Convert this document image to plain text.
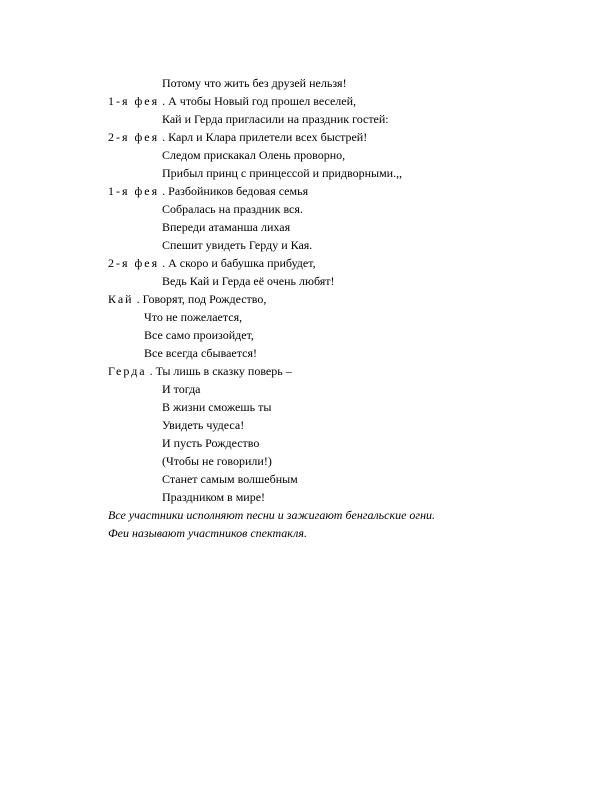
Потому что жить без друзей нельзя!
1-я фея . А чтобы Новый год прошел веселей,
Кай и Герда пригласили на праздник гостей:
2-я фея . Карл и Клара прилетели всех быстрей!
Следом прискакал Олень проворно,
Прибыл принц с принцессой и придворными.,,
1-я фея . Разбойников бедовая семья
Собралась на праздник вся.
Впереди атаманша лихая
Спешит увидеть Герду и Кая.
2-я фея . А скоро и бабушка прибудет,
Ведь Кай и Герда её очень любят!
Кай . Говорят, под Рождество,
Что не пожелается,
Все само произойдет,
Все всегда сбывается!
Герда . Ты лишь в сказку поверь –
И тогда
В жизни сможешь ты
Увидеть чудеса!
И пусть Рождество
(Чтобы не говорили!)
Станет самым волшебным
Праздником в мире!
Все участники исполняют песни и зажигают бенгальские огни.
Феи называют участников спектакля.
